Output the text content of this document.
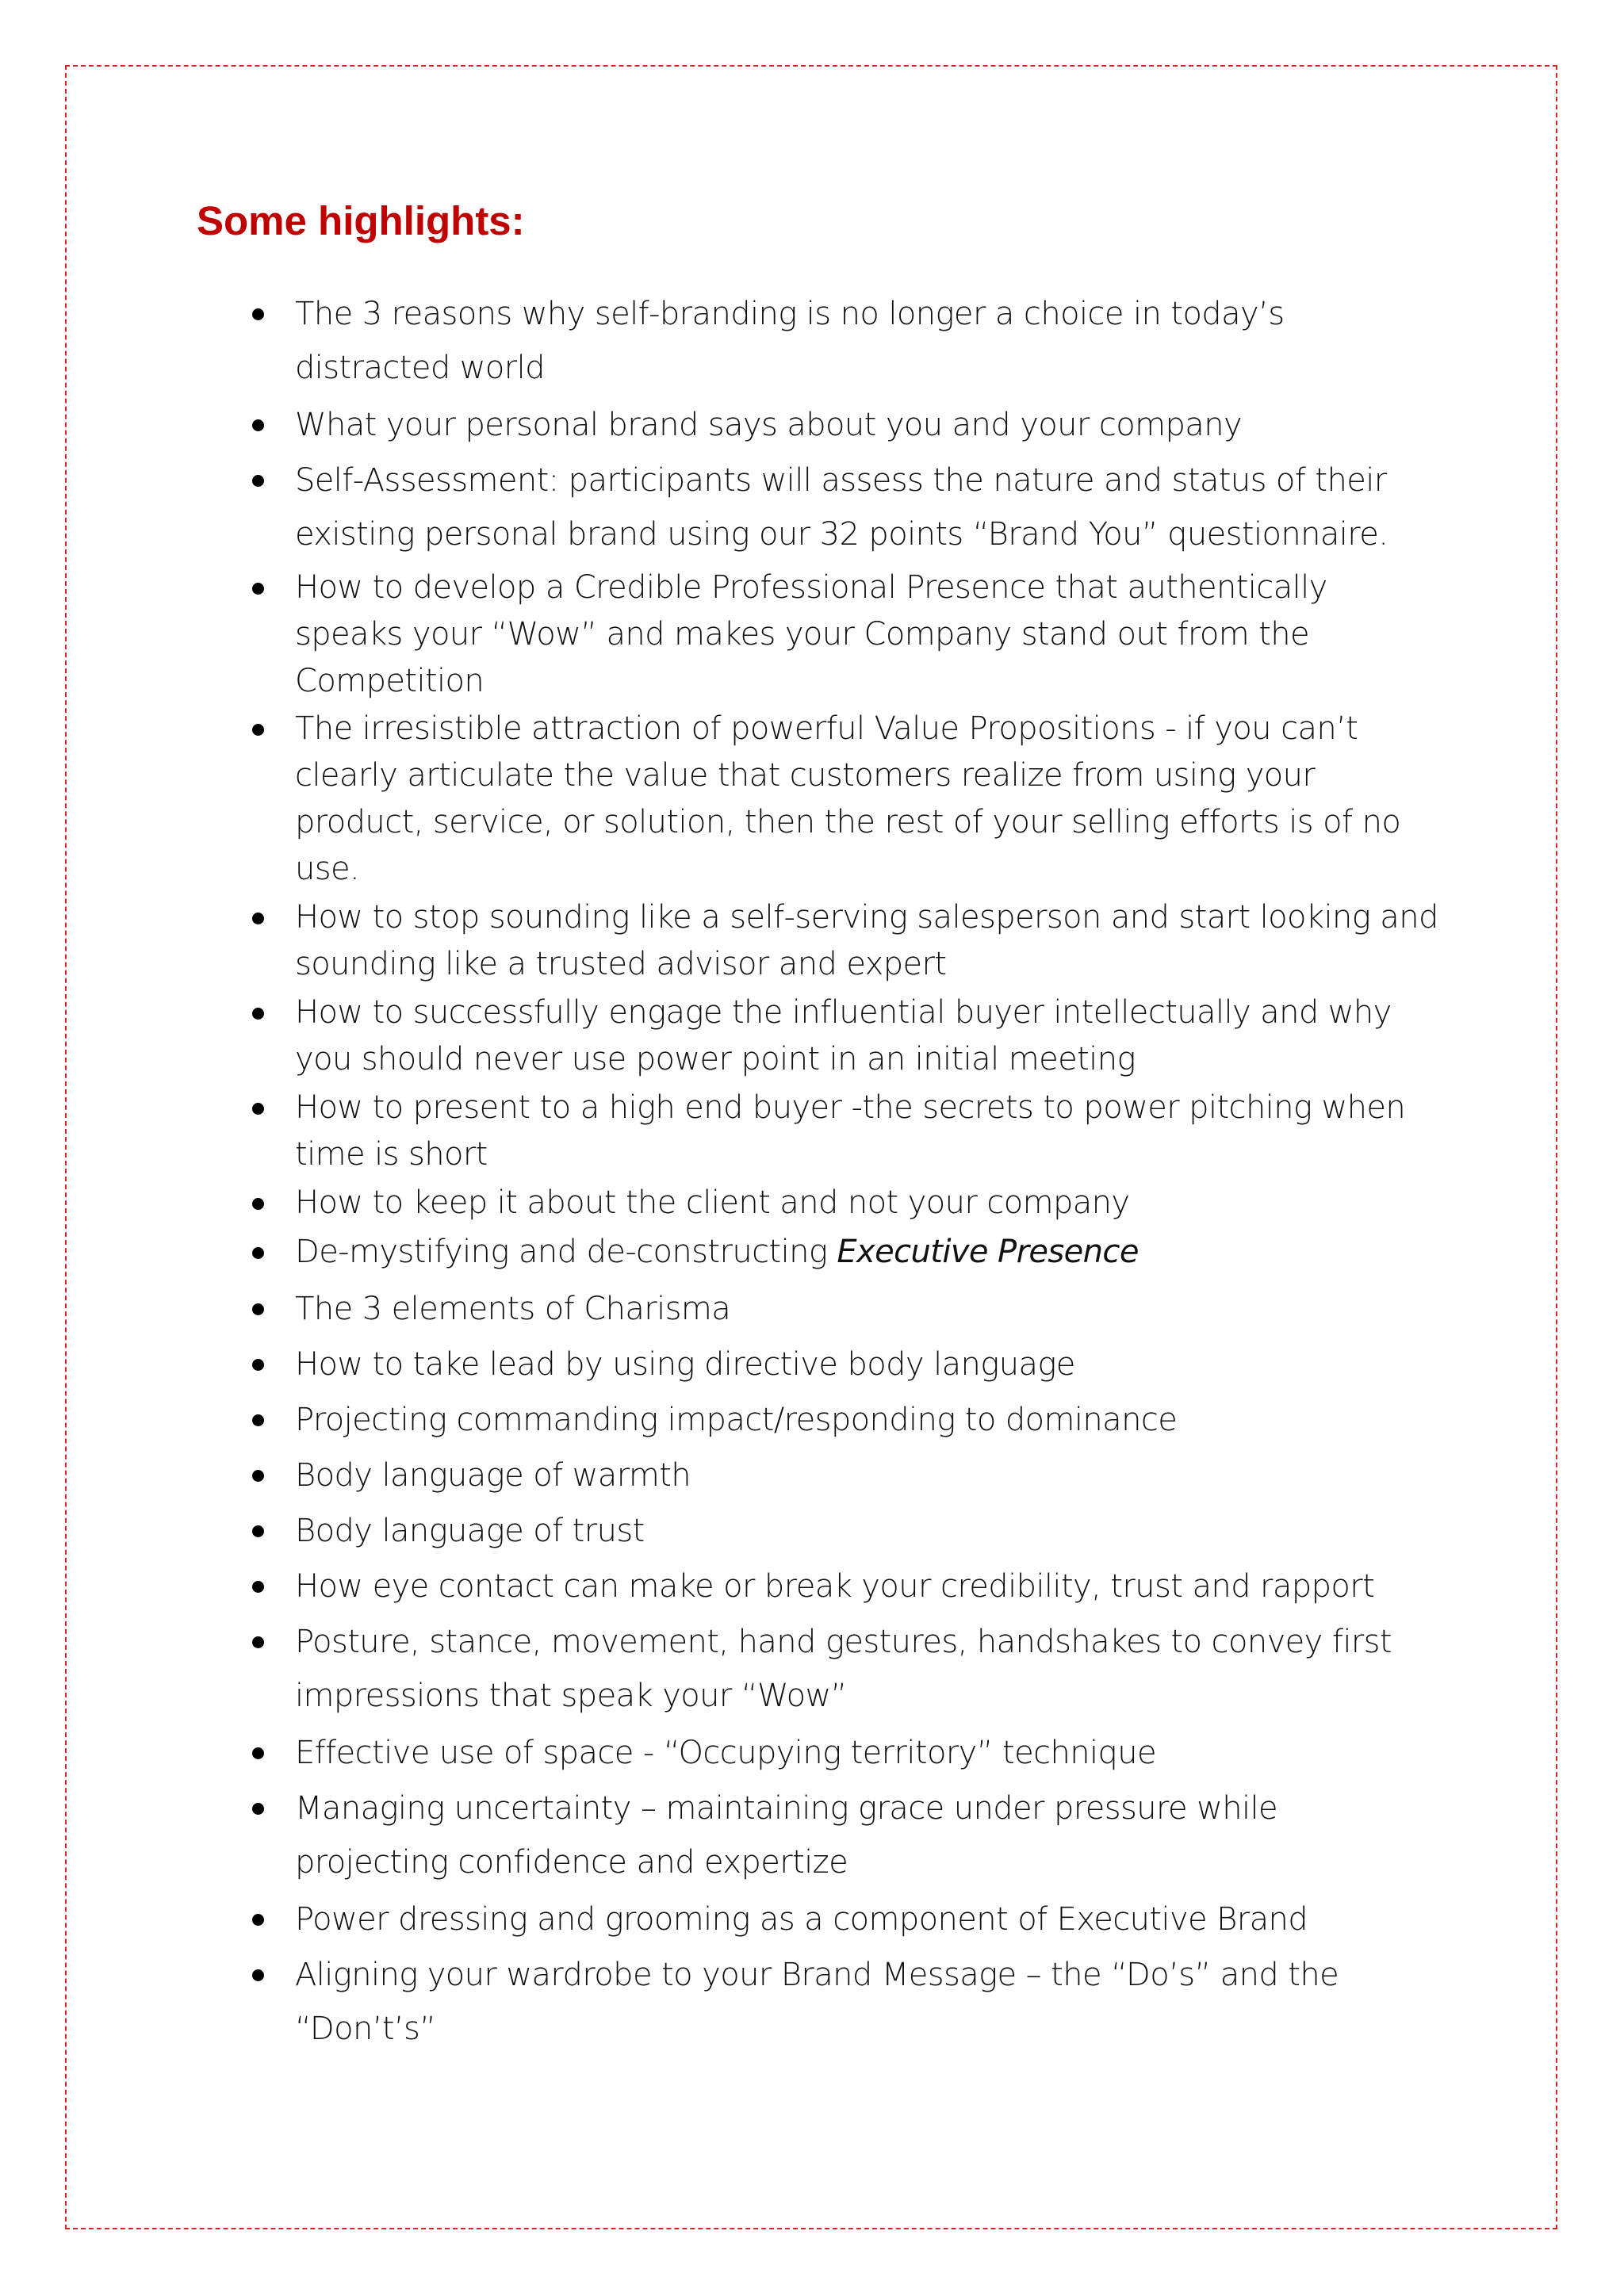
Some highlights:
The 3 reasons why self-branding is no longer a choice in today’s
distracted world
What your personal brand says about you and your company
Self-Assessment: participants will assess the nature and status of their
existing personal brand using our 32 points “Brand You” questionnaire.
How to develop a Credible Professional Presence that authentically
speaks your “Wow” and makes your Company stand out from the
Competition
The irresistible attraction of powerful Value Propositions - if you can’t
clearly articulate the value that customers realize from using your
product, service, or solution, then the rest of your selling efforts is of no
use.
How to stop sounding like a self-serving salesperson and start looking and
sounding like a trusted advisor and expert
How to successfully engage the influential buyer intellectually and why
you should never use power point in an initial meeting
How to present to a high end buyer -the secrets to power pitching when
time is short
How to keep it about the client and not your company
De-mystifying and de-constructing Executive Presence
The 3 elements of Charisma
How to take lead by using directive body language
Projecting commanding impact/responding to dominance
Body language of warmth
Body language of trust
How eye contact can make or break your credibility, trust and rapport
Posture, stance, movement, hand gestures, handshakes to convey first
impressions that speak your “Wow”
Effective use of space - “Occupying territory” technique
Managing uncertainty – maintaining grace under pressure while
projecting confidence and expertize
Power dressing and grooming as a component of Executive Brand
Aligning your wardrobe to your Brand Message – the “Do’s” and the
“Don’t’s”
